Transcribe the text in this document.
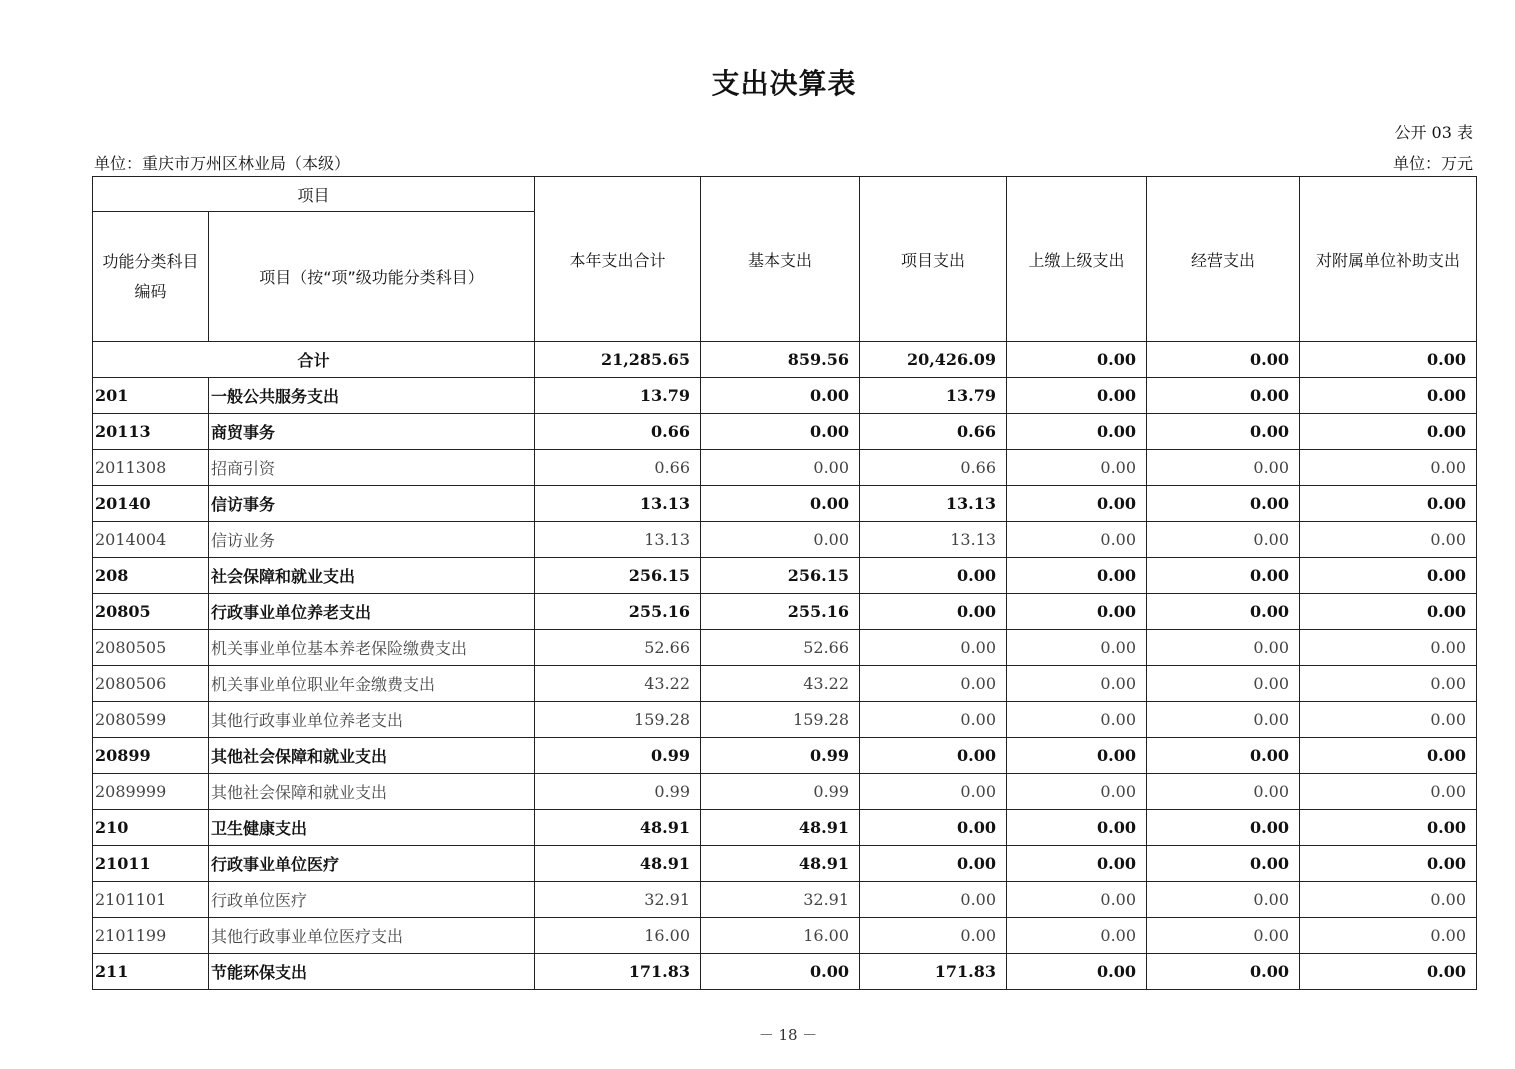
支出决算表
公开 03 表
单位：重庆市万州区林业局（本级）	单位：万元
项目		本年支出合计	基本支出	项目支出	上缴上级支出	经营支出	对附属单位补助支出
功能分类科目编码	项目（按“项”级功能分类科目）						
合计		21,285.65	859.56	20,426.09	0.00	0.00	0.00
201	一般公共服务支出	13.79	0.00	13.79	0.00	0.00	0.00
20113	商贸事务	0.66	0.00	0.66	0.00	0.00	0.00
2011308	招商引资	0.66	0.00	0.66	0.00	0.00	0.00
20140	信访事务	13.13	0.00	13.13	0.00	0.00	0.00
2014004	信访业务	13.13	0.00	13.13	0.00	0.00	0.00
208	社会保障和就业支出	256.15	256.15	0.00	0.00	0.00	0.00
20805	行政事业单位养老支出	255.16	255.16	0.00	0.00	0.00	0.00
2080505	机关事业单位基本养老保险缴费支出	52.66	52.66	0.00	0.00	0.00	0.00
2080506	机关事业单位职业年金缴费支出	43.22	43.22	0.00	0.00	0.00	0.00
2080599	其他行政事业单位养老支出	159.28	159.28	0.00	0.00	0.00	0.00
20899	其他社会保障和就业支出	0.99	0.99	0.00	0.00	0.00	0.00
2089999	其他社会保障和就业支出	0.99	0.99	0.00	0.00	0.00	0.00
210	卫生健康支出	48.91	48.91	0.00	0.00	0.00	0.00
21011	行政事业单位医疗	48.91	48.91	0.00	0.00	0.00	0.00
2101101	行政单位医疗	32.91	32.91	0.00	0.00	0.00	0.00
2101199	其他行政事业单位医疗支出	16.00	16.00	0.00	0.00	0.00	0.00
211	节能环保支出	171.83	0.00	171.83	0.00	0.00	0.00
－ 18 －
